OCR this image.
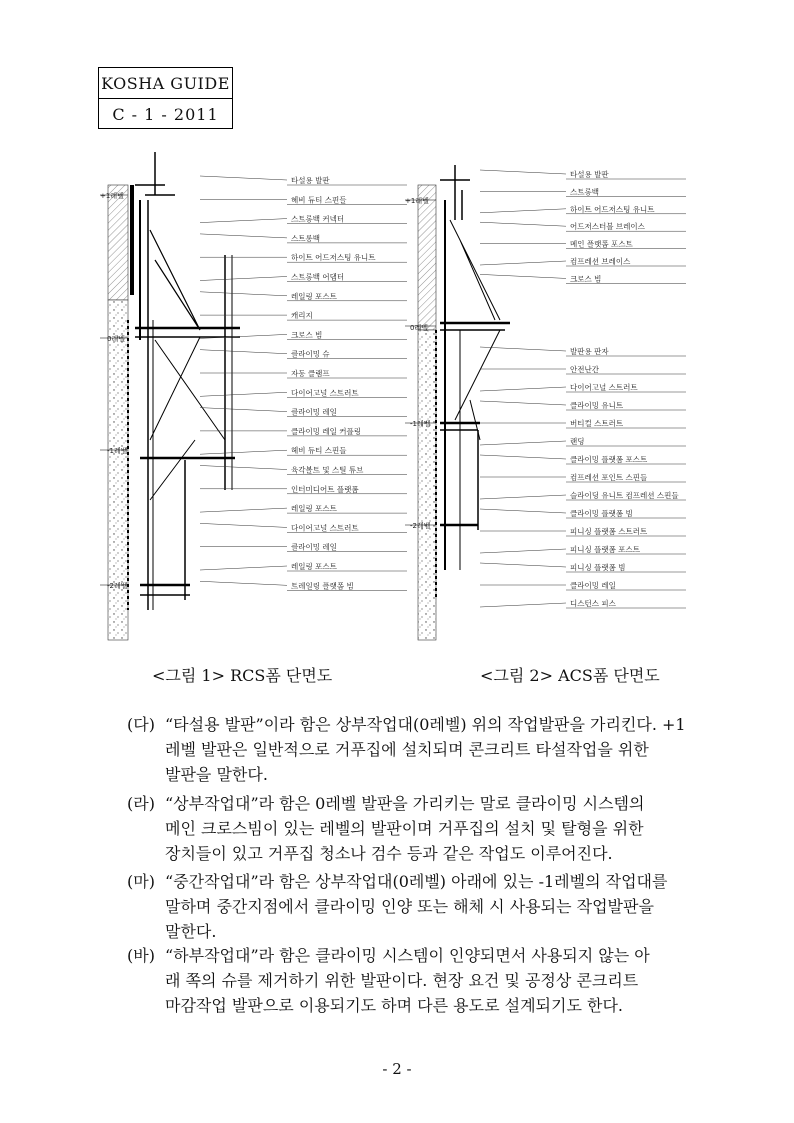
KOSHA GUIDE
C - 1 - 2011
+1레벨
0레벨
-1레벨
-2레벨
타설용 발판
헤비 듀티 스핀들
스트롱백 커넥터
스트롱백
하이트 어드저스팅 유니트
스트롱백 어댑터
레일링 포스트
캐리지
크로스 빔
클라이밍 슈
자동 클램프
다이어고널 스트러트
클라이밍 레일
클라이밍 레일 커플링
헤비 듀티 스핀들
육각볼트 및 스틸 튜브
인터미디어트 플랫폼
레일링 포스트
다이어고널 스트러트
클라이밍 레일
레일링 포스트
트레일링 플랫폼 빔
+1레벨
0레벨
-1레벨
-2레벨
타설용 발판
스트롱백
하이트 어드저스팅 유니트
어드저스터블 브레이스
메인 플랫폼 포스트
컴프레션 브레이스
크로스 빔
발판용 판자
안전난간
다이어고널 스트러트
클라이밍 유니트
버티컬 스트러트
랜딩
클라이밍 플랫폼 포스트
컴프레션 포인트 스핀들
슬라이딩 유니트 컴프레션 스핀들
클라이밍 플랫폼 빔
피니싱 플랫폼 스트러트
피니싱 플랫폼 포스트
피니싱 플랫폼 빔
클라이밍 레일
디스턴스 피스
<그림 1> RCS폼 단면도	<그림 2> ACS폼 단면도
(다) “타설용 발판”이라 함은 상부작업대(0레벨) 위의 작업발판을 가리킨다. +1
레벨 발판은 일반적으로 거푸집에 설치되며 콘크리트 타설작업을 위한
발판을 말한다.
(라) “상부작업대”라 함은 0레벨 발판을 가리키는 말로 클라이밍 시스템의
메인 크로스빔이 있는 레벨의 발판이며 거푸집의 설치 및 탈형을 위한
장치들이 있고 거푸집 청소나 검수 등과 같은 작업도 이루어진다.
(마) “중간작업대”라 함은 상부작업대(0레벨) 아래에 있는 -1레벨의 작업대를
말하며 중간지점에서 클라이밍 인양 또는 해체 시 사용되는 작업발판을
말한다.
(바) “하부작업대”라 함은 클라이밍 시스템이 인양되면서 사용되지 않는 아
래 쪽의 슈를 제거하기 위한 발판이다. 현장 요건 및 공정상 콘크리트
마감작업 발판으로 이용되기도 하며 다른 용도로 설계되기도 한다.
- 2 -
